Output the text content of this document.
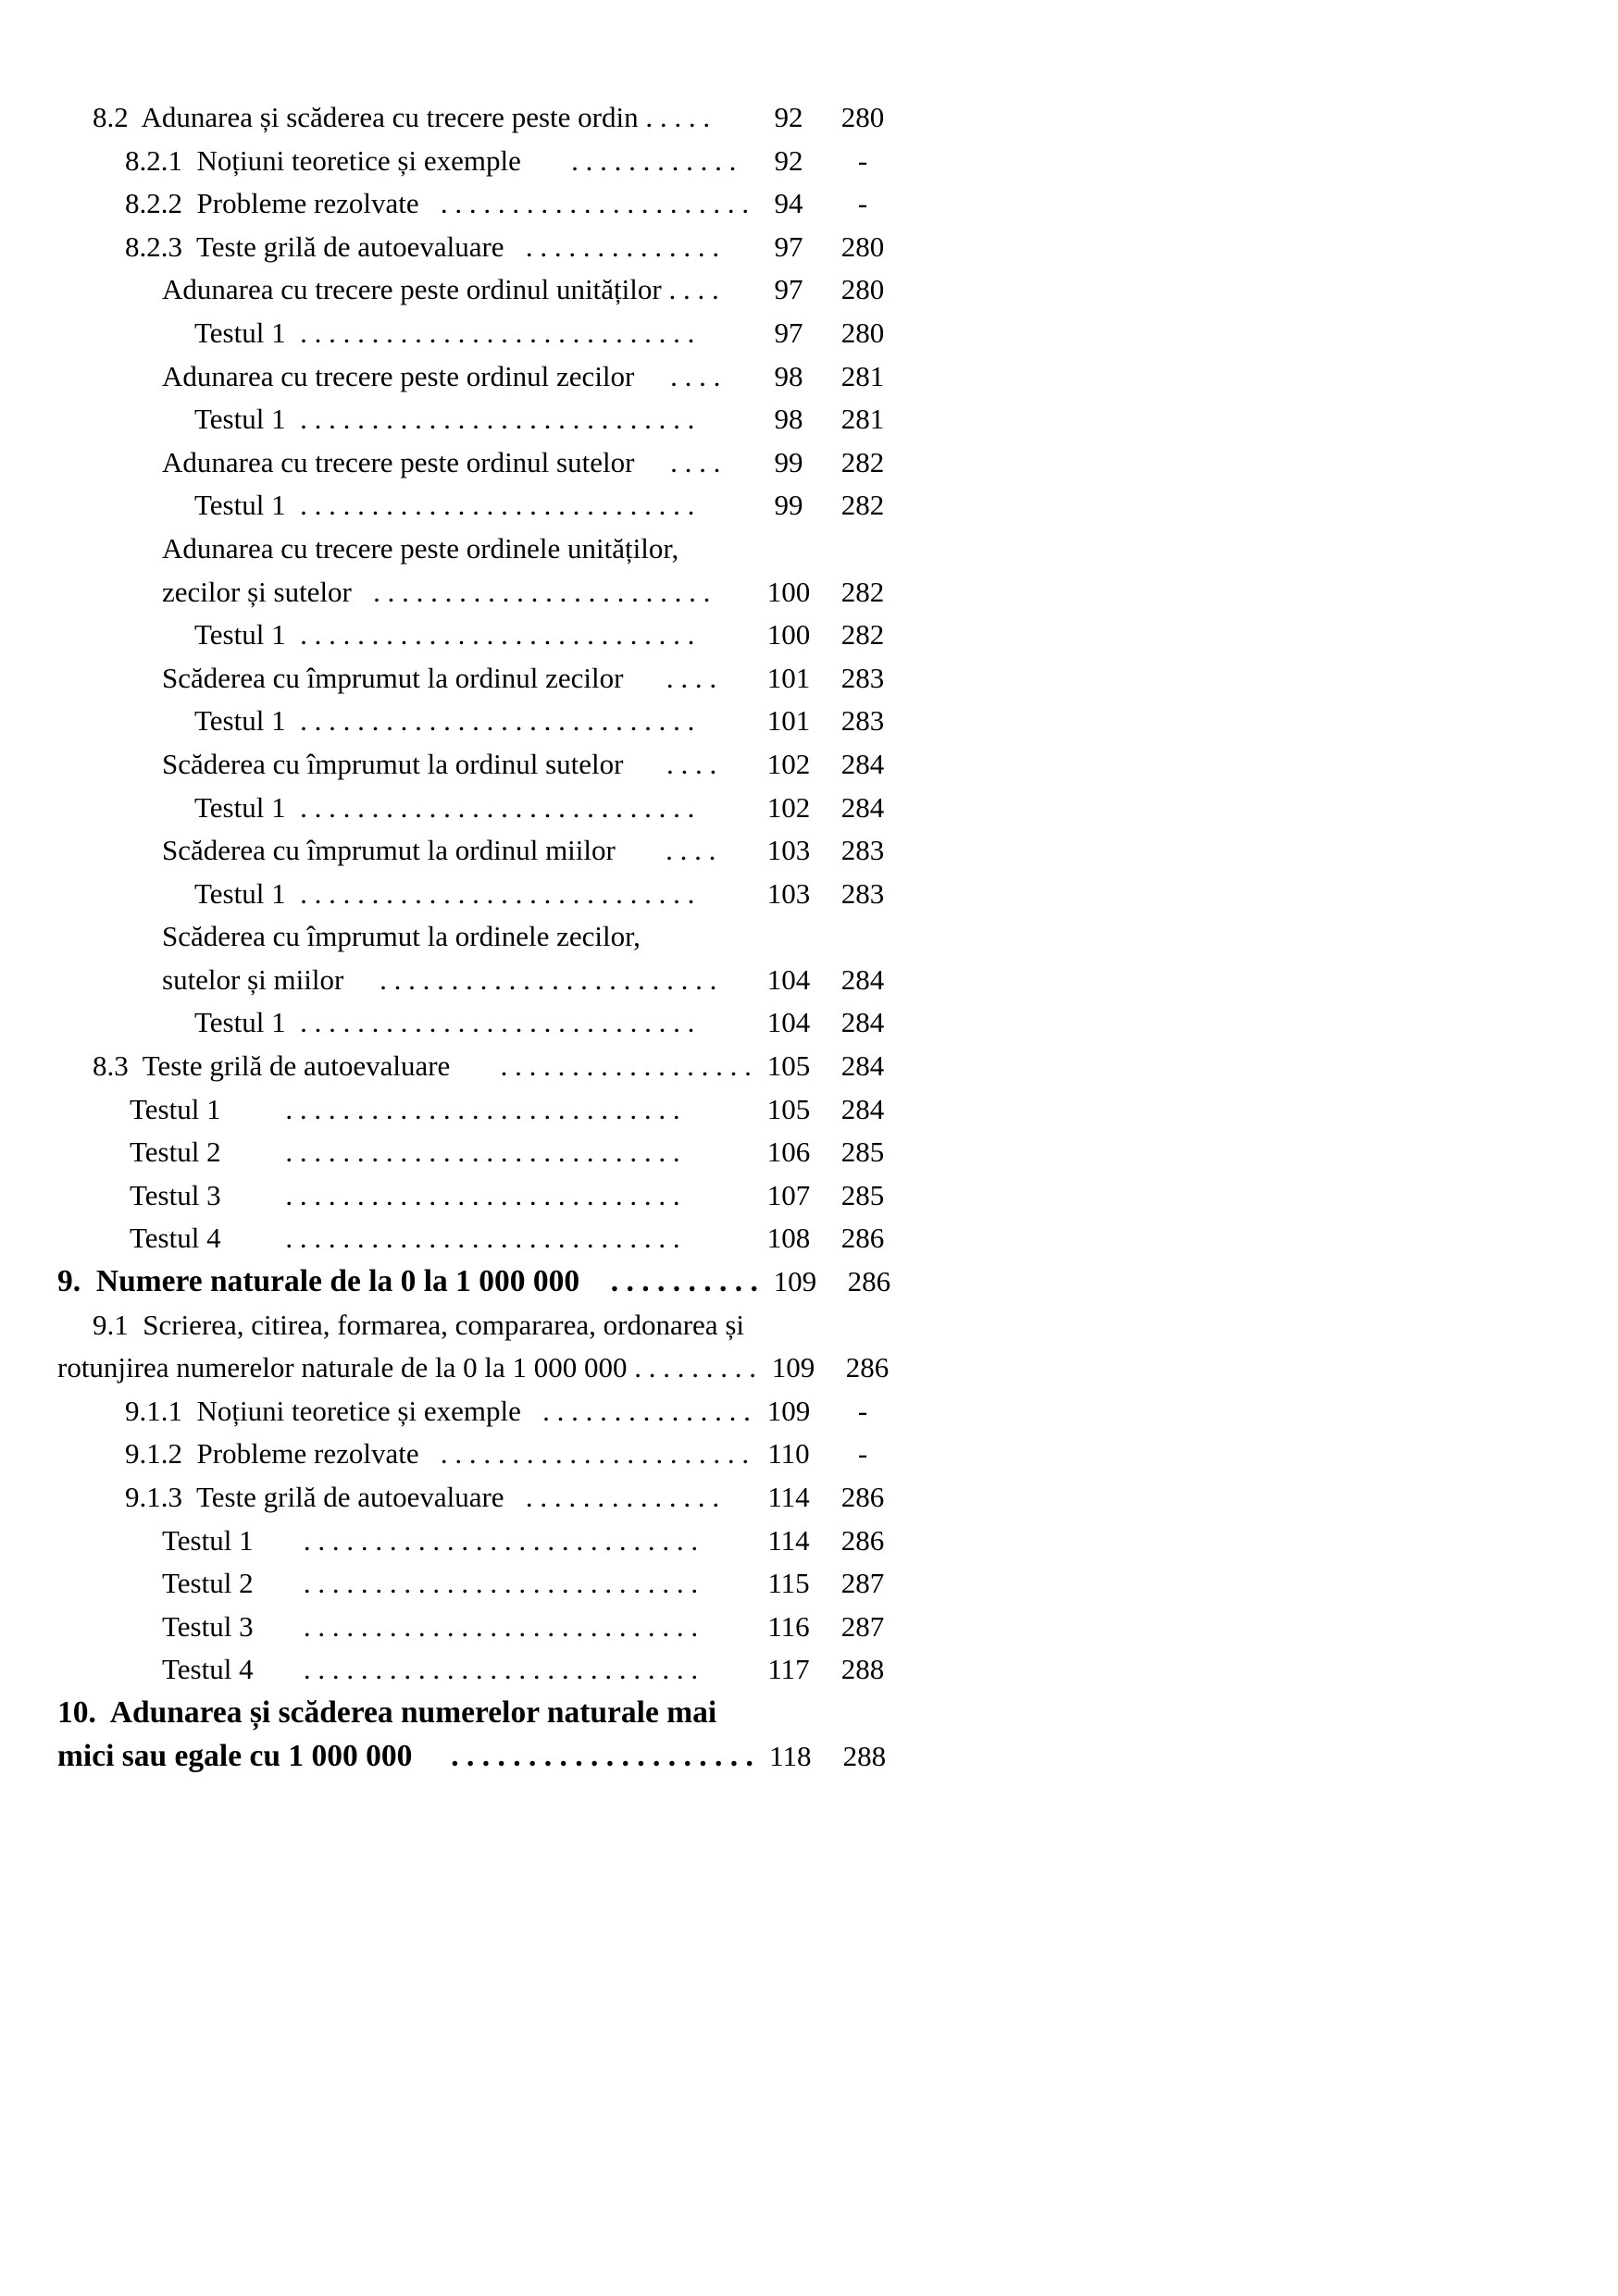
8.2  Adunarea și scăderea cu trecere peste ordin . . . . .	92	280
8.2.1  Noțiuni teoretice și exemple       . . . . . . . . . . . .	92	-
8.2.2  Probleme rezolvate   . . . . . . . . . . . . . . . . . . . . . . 94	-
8.2.3  Teste grilă de autoevaluare   . . . . . . . . . . . . . .	97	280
Adunarea cu trecere peste ordinul unităților . . . .	97	280
Testul 1  . . . . . . . . . . . . . . . . . . . . . . . . . . . .	97	280
Adunarea cu trecere peste ordinul zecilor     . . . .	98	281
Testul 1  . . . . . . . . . . . . . . . . . . . . . . . . . . . .	98	281
Adunarea cu trecere peste ordinul sutelor     . . . .	99	282
Testul 1  . . . . . . . . . . . . . . . . . . . . . . . . . . . .	99	282
Adunarea cu trecere peste ordinele unităților,
zecilor și sutelor   . . . . . . . . . . . . . . . . . . . . . . . .	100	282
Testul 1  . . . . . . . . . . . . . . . . . . . . . . . . . . . .	100	282
Scăderea cu împrumut la ordinul zecilor      . . . .	101	283
Testul 1  . . . . . . . . . . . . . . . . . . . . . . . . . . . .	101	283
Scăderea cu împrumut la ordinul sutelor      . . . .	102	284
Testul 1  . . . . . . . . . . . . . . . . . . . . . . . . . . . .	102	284
Scăderea cu împrumut la ordinul miilor       . . . .	103	283
Testul 1  . . . . . . . . . . . . . . . . . . . . . . . . . . . .	103	283
Scăderea cu împrumut la ordinele zecilor,
sutelor și miilor     . . . . . . . . . . . . . . . . . . . . . . . .	104	284
Testul 1  . . . . . . . . . . . . . . . . . . . . . . . . . . . .	104	284
8.3  Teste grilă de autoevaluare       . . . . . . . . . . . . . . . . . . 105	284
Testul 1         . . . . . . . . . . . . . . . . . . . . . . . . . . . .	105	284
Testul 2         . . . . . . . . . . . . . . . . . . . . . . . . . . . .	106	285
Testul 3         . . . . . . . . . . . . . . . . . . . . . . . . . . . .	107	285
Testul 4         . . . . . . . . . . . . . . . . . . . . . . . . . . . .	108	286
9.  Numere naturale de la 0 la 1 000 000    . . . . . . . . . . 109	286
9.1  Scrierea, citirea, formarea, compararea, ordonarea și
rotunjirea numerelor naturale de la 0 la 1 000 000 . . . . . . . . . 109	286
9.1.1  Noțiuni teoretice și exemple   . . . . . . . . . . . . . . . 109	-
9.1.2  Probleme rezolvate   . . . . . . . . . . . . . . . . . . . . . . 110	-
9.1.3  Teste grilă de autoevaluare   . . . . . . . . . . . . . .	114	286
Testul 1       . . . . . . . . . . . . . . . . . . . . . . . . . . . .	114	286
Testul 2       . . . . . . . . . . . . . . . . . . . . . . . . . . . .	115	287
Testul 3       . . . . . . . . . . . . . . . . . . . . . . . . . . . .	116	287
Testul 4       . . . . . . . . . . . . . . . . . . . . . . . . . . . .	117	288
10.  Adunarea și scăderea numerelor naturale mai
mici sau egale cu 1 000 000     . . . . . . . . . . . . . . . . . . . . 118	288
